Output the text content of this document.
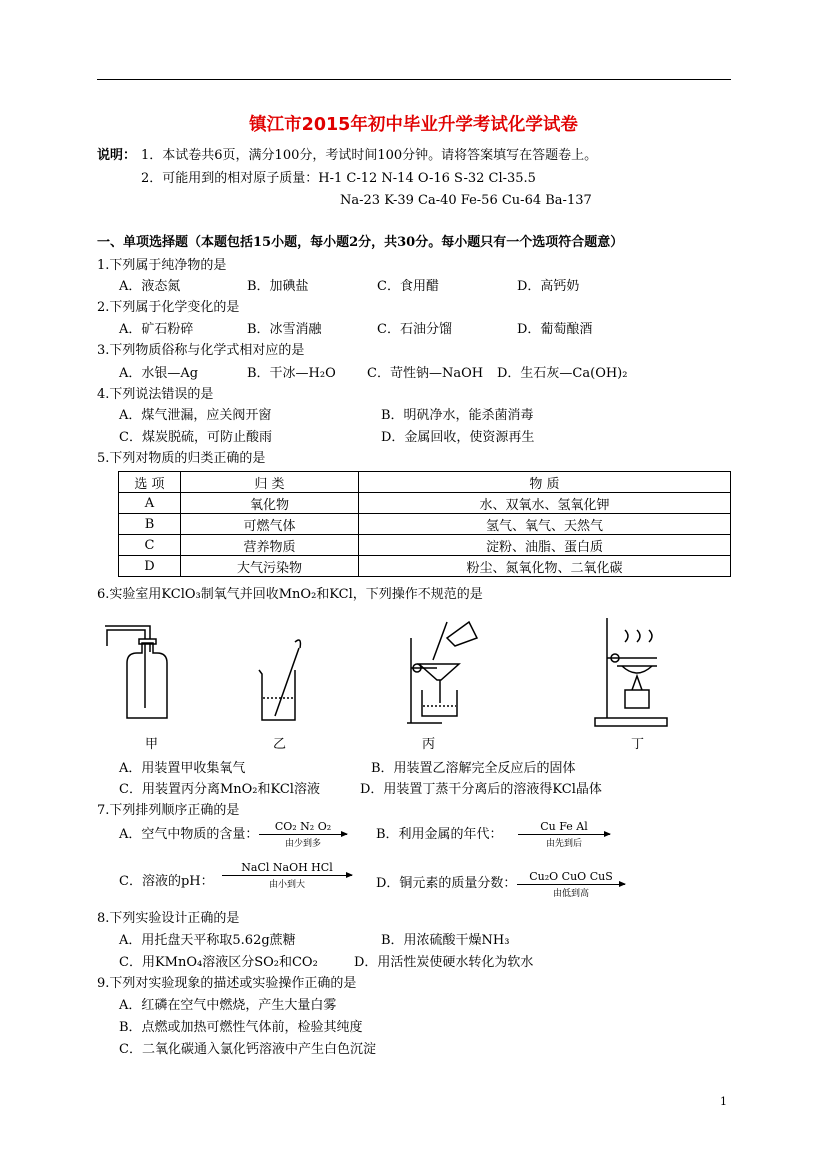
镇江市2015年初中毕业升学考试化学试卷
说明： 1．本试卷共6页，满分100分，考试时间100分钟。请将答案填写在答题卷上。
2．可能用到的相对原子质量：H-1 C-12 N-14 O-16 S-32 Cl-35.5
Na-23 K-39 Ca-40 Fe-56 Cu-64 Ba-137
一、单项选择题（本题包括15小题，每小题2分，共30分。每小题只有一个选项符合题意）
1.下列属于纯净物的是
A．液态氮	B．加碘盐	C．食用醋	D．高钙奶
2.下列属于化学变化的是
A．矿石粉碎	B．冰雪消融	C．石油分馏	D．葡萄酿酒
3.下列物质俗称与化学式相对应的是
A．水银—Ag	B．干冰—H₂O C．苛性钠—NaOH D．生石灰—Ca(OH)₂
4.下列说法错误的是
A．煤气泄漏，应关阀开窗	B．明矾净水，能杀菌消毒
C．煤炭脱硫，可防止酸雨	D．金属回收，使资源再生
5.下列对物质的归类正确的是
选 项	归 类	物 质
A	氧化物	水、双氧水、氢氧化钾
B	可燃气体	氢气、氧气、天然气
C	营养物质	淀粉、油脂、蛋白质
D	大气污染物	粉尘、氮氧化物、二氧化碳
6.实验室用KClO₃制氧气并回收MnO₂和KCl，下列操作不规范的是
甲	乙	丙	丁
A．用装置甲收集氧气	B．用装置乙溶解完全反应后的固体
C．用装置丙分离MnO₂和KCl溶液	D．用装置丁蒸干分离后的溶液得KCl晶体
7.下列排列顺序正确的是
A．空气中物质的含量：
CO₂ N₂ O₂
由少到多
B．利用金属的年代：
Cu Fe Al
由先到后
C．溶液的pH：
NaCl NaOH HCl
由小到大	D．铜元素的质量分数：	Cu₂O CuO CuS
由低到高
8.下列实验设计正确的是
A．用托盘天平称取5.62g蔗糖	B．用浓硫酸干燥NH₃
C．用KMnO₄溶液区分SO₂和CO₂	D．用活性炭使硬水转化为软水
9.下列对实验现象的描述或实验操作正确的是
A．红磷在空气中燃烧，产生大量白雾
B．点燃或加热可燃性气体前，检验其纯度
C．二氧化碳通入氯化钙溶液中产生白色沉淀
1
